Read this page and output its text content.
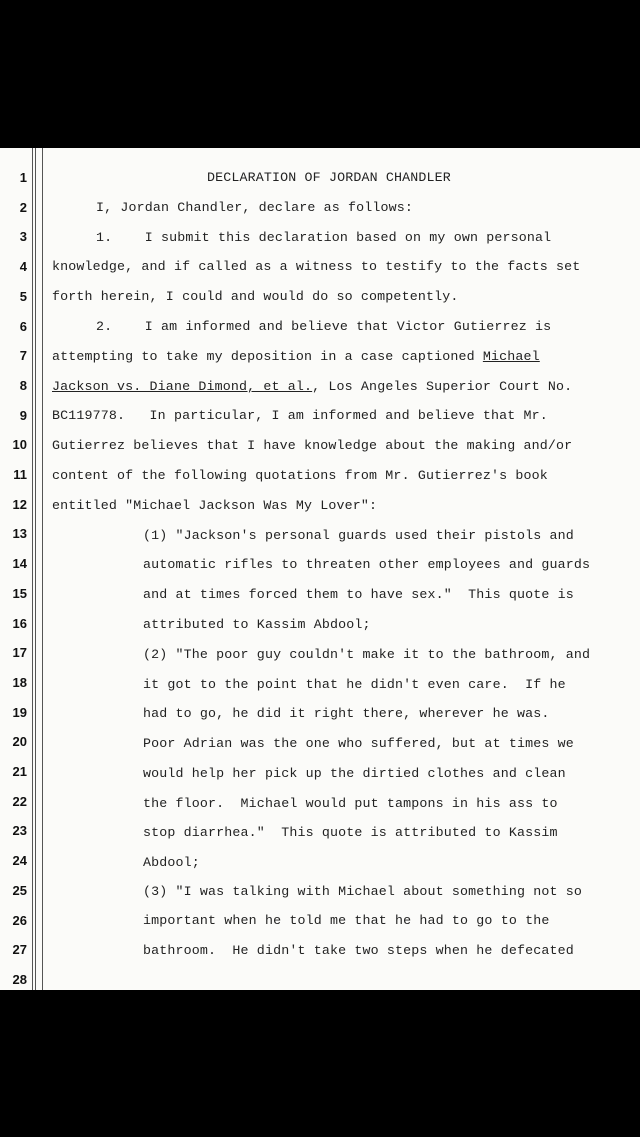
1
2
3
4
5
6
7
8
9
10
11
12
13
14
15
16
17
18
19
20
21
22
23
24
25
26
27
28
DECLARATION OF JORDAN CHANDLER
I, Jordan Chandler, declare as follows:
1.    I submit this declaration based on my own personal
knowledge, and if called as a witness to testify to the facts set
forth herein, I could and would do so competently.
2.    I am informed and believe that Victor Gutierrez is
attempting to take my deposition in a case captioned Michael
Jackson vs. Diane Dimond, et al., Los Angeles Superior Court No.
BC119778.   In particular, I am informed and believe that Mr.
Gutierrez believes that I have knowledge about the making and/or
content of the following quotations from Mr. Gutierrez's book
entitled "Michael Jackson Was My Lover":
(1) "Jackson's personal guards used their pistols and
automatic rifles to threaten other employees and guards
and at times forced them to have sex."  This quote is
attributed to Kassim Abdool;
(2) "The poor guy couldn't make it to the bathroom, and
it got to the point that he didn't even care.  If he
had to go, he did it right there, wherever he was.
Poor Adrian was the one who suffered, but at times we
would help her pick up the dirtied clothes and clean
the floor.  Michael would put tampons in his ass to
stop diarrhea."  This quote is attributed to Kassim
Abdool;
(3) "I was talking with Michael about something not so
important when he told me that he had to go to the
bathroom.  He didn't take two steps when he defecated
